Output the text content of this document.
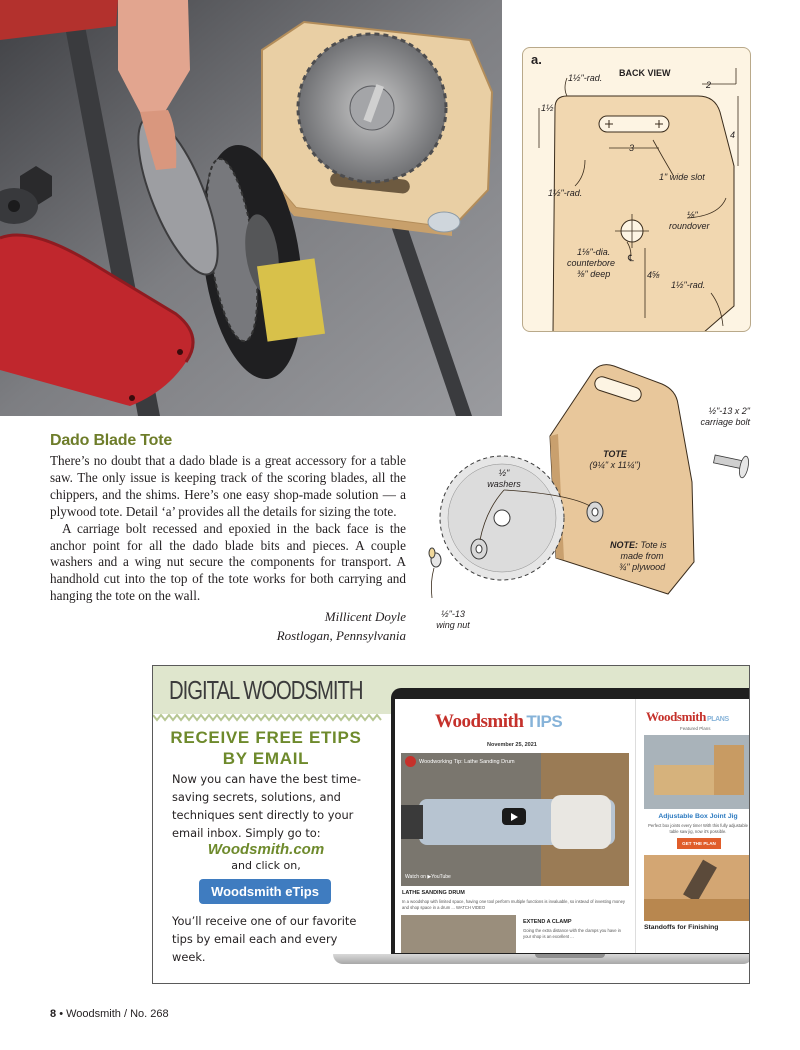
a.
BACK VIEW
1½"-rad.
1½
2
3
4
1" wide slot
1½"-rad.
⅛"
roundover
℄
1⅛"-dia.
counterbore
⅜" deep	4⅝
1½"-rad.
Dado Blade Tote

There’s no doubt that a dado blade is a great accessory for a table saw. The only issue is keeping track of the scoring blades, all the chippers, and the shims. Here’s one easy shop-made solution — a plywood tote. Detail ‘a’ provides all the details for sizing the tote.

A carriage bolt recessed and epoxied in the back face is the anchor point for all the dado blade bits and pieces. A couple washers and a wing nut secure the components for transport. A handhold cut into the top of the tote works for both carrying and hanging the tote on the wall.

Millicent Doyle

Rostlogan, Pennsylvania

½"-13 x 2"
carriage bolt
TOTE
(9¼" x 11¼")
½"
washers
NOTE: Tote is
made from
¾" plywood
½"-13
wing nut
DIGITAL WOODSMITH
RECEIVE FREE ETIPS
BY EMAIL

Now you can have the best time-saving secrets, solutions, and techniques sent directly to your email inbox. Simply go to:

Woodsmith.com
and click on,
Woodsmith eTips

You’ll receive one of our favorite tips by email each and every week.

Woodsmith TIPS
November 25, 2021
Woodworking Tip: Lathe Sanding Drum
Watch on ▶YouTube
LATHE SANDING DRUM
In a woodshop with limited space, having one tool perform multiple functions is invaluable, so instead of investing money and shop space in a drum ... WATCH VIDEO
EXTEND A CLAMP
Going the extra distance with the clamps you have in your shop is an excellent ...
WoodsmithPLANS
Featured Plans
Adjustable Box Joint Jig
Perfect box joints every time! With this fully adjustable table saw jig, now it's possible.
GET THE PLAN
Standoffs for Finishing
8 • Woodsmith / No. 268
